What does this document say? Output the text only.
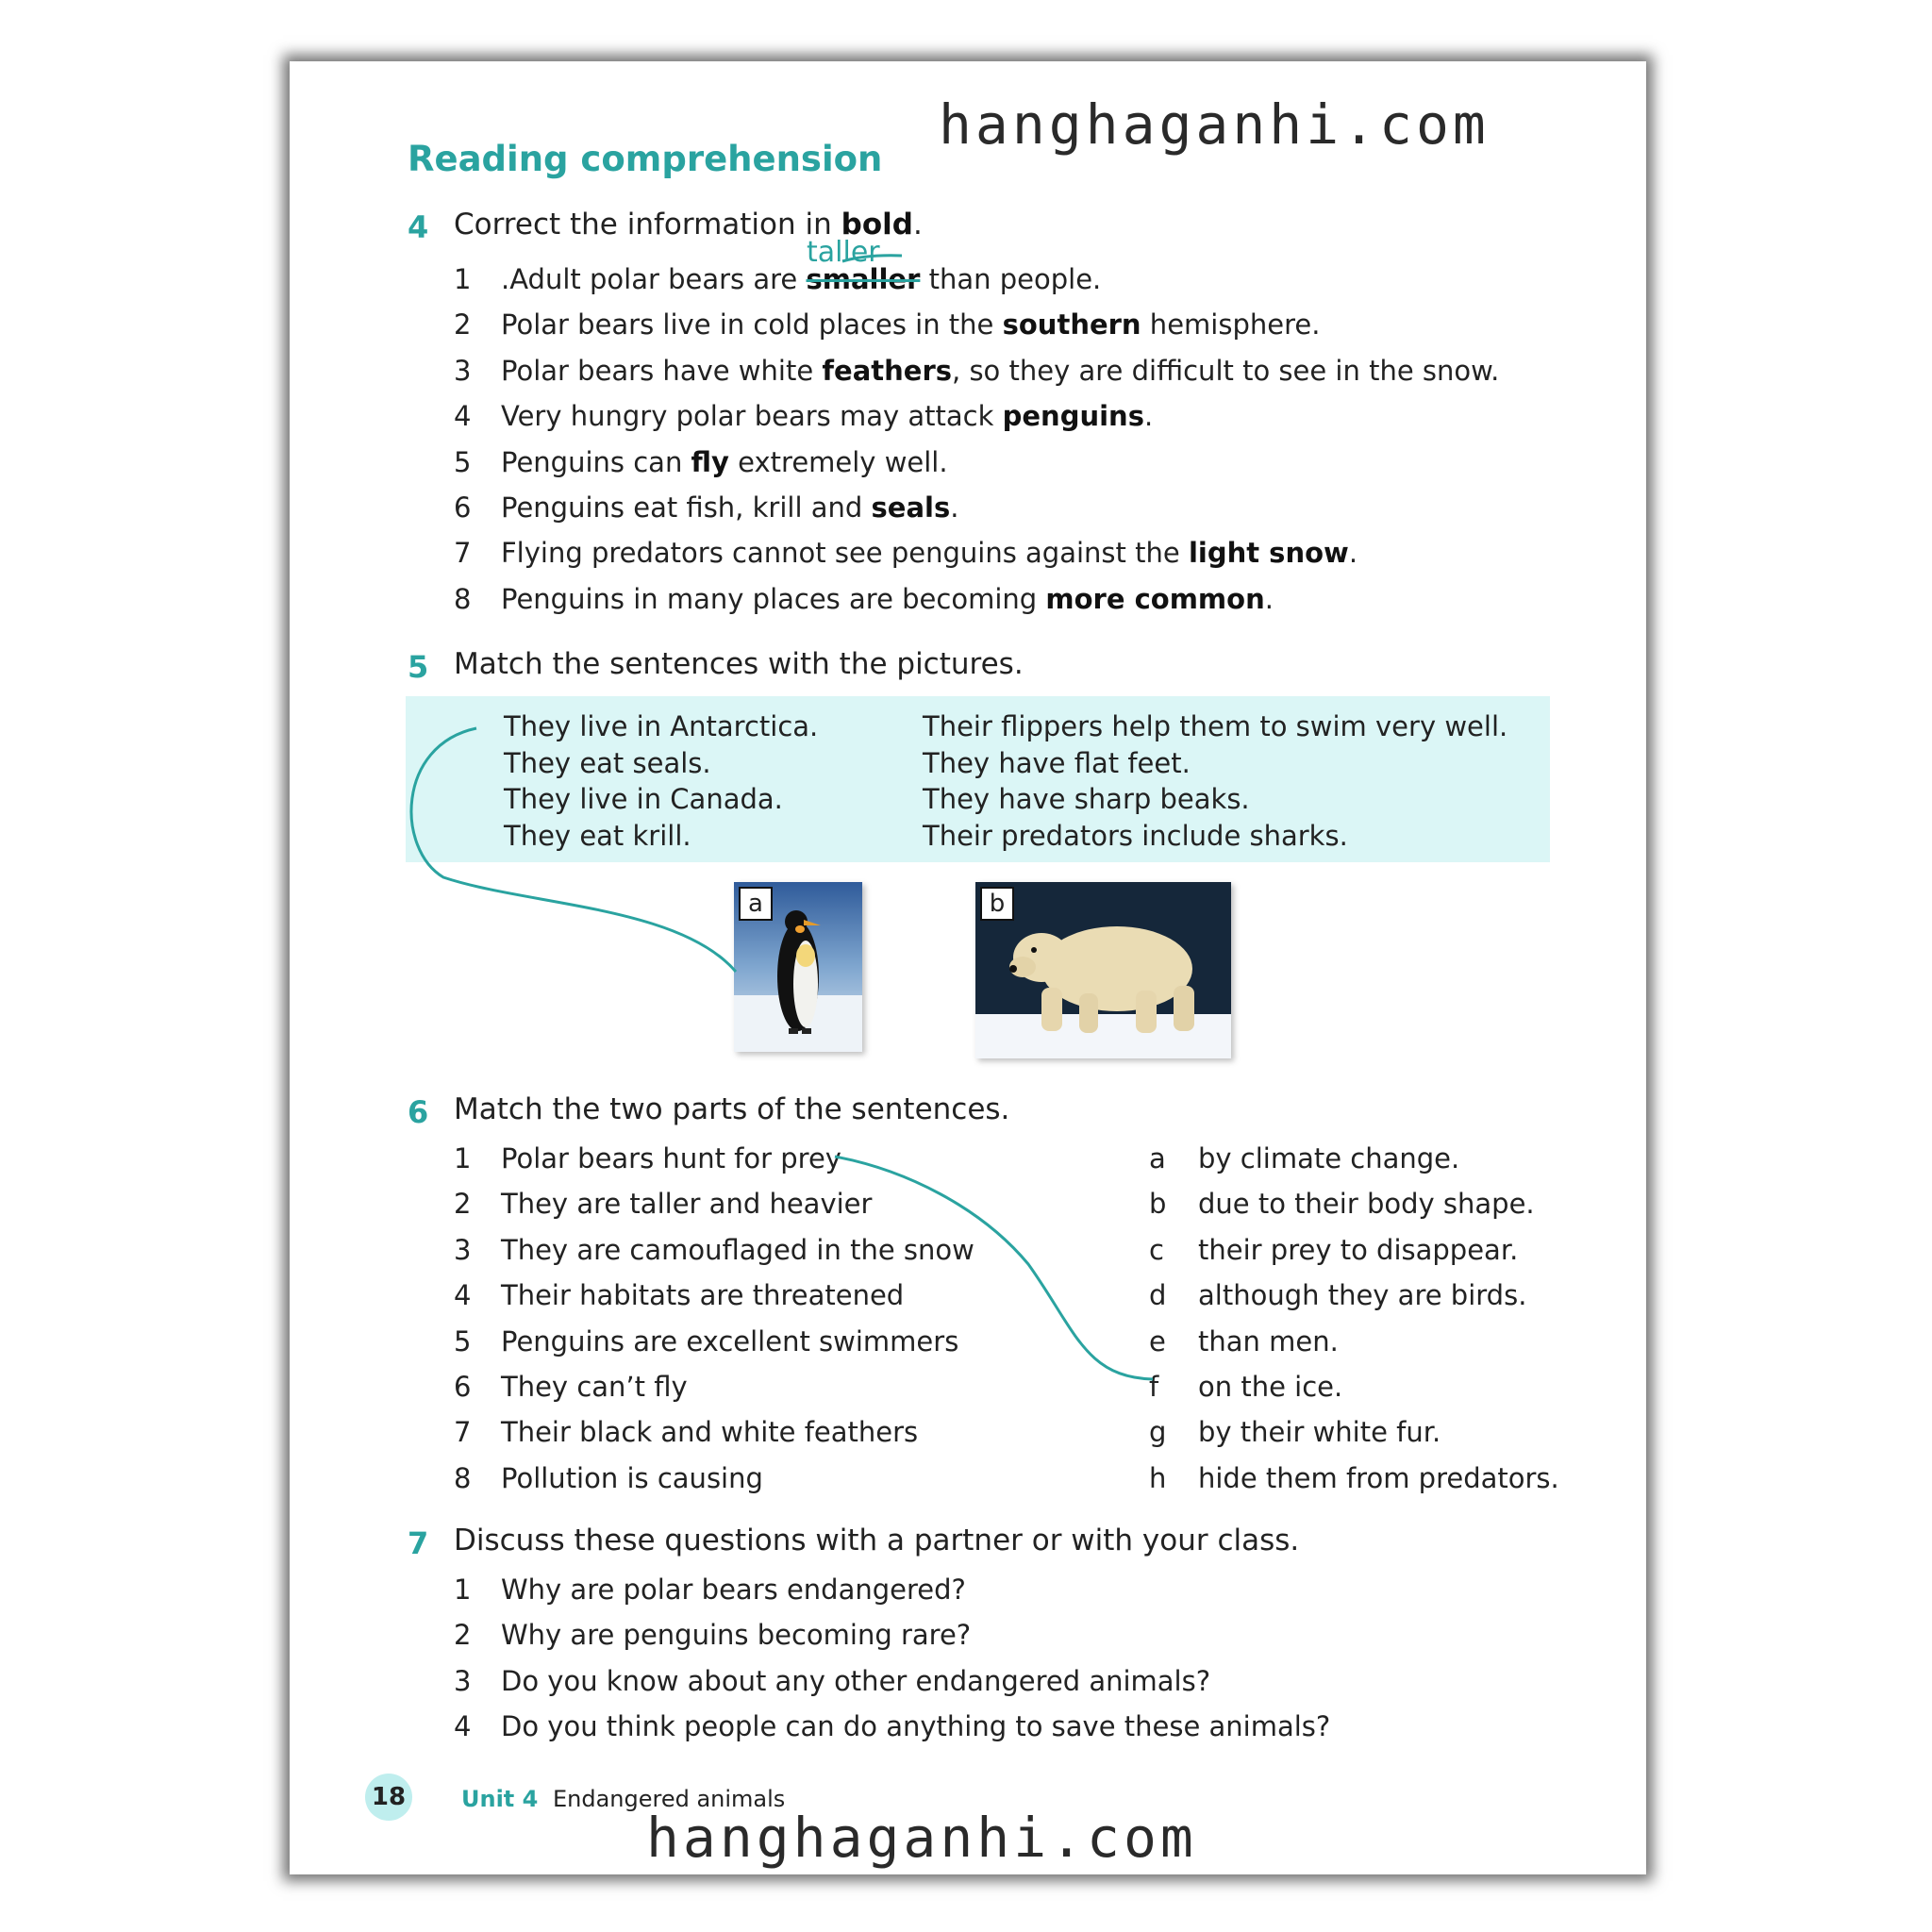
hanghaganhi.com
Reading comprehension
4 Correct the information in bold.
taller
1 .Adult polar bears are smaller than people.
2 Polar bears live in cold places in the southern hemisphere.
3 Polar bears have white feathers, so they are difficult to see in the snow.
4 Very hungry polar bears may attack penguins.
5 Penguins can fly extremely well.
6 Penguins eat fish, krill and seals.
7 Flying predators cannot see penguins against the light snow.
8 Penguins in many places are becoming more common.
5 Match the sentences with the pictures.
They live in Antarctica.
They eat seals.
They live in Canada.
They eat krill.
Their flippers help them to swim very well.
They have flat feet.
They have sharp beaks.
Their predators include sharks.
a	b
6 Match the two parts of the sentences.
1 Polar bears hunt for prey
2 They are taller and heavier
3 They are camouflaged in the snow
4 Their habitats are threatened
5 Penguins are excellent swimmers
6 They can’t fly
7 Their black and white feathers
8 Pollution is causing
a by climate change.
b due to their body shape.
c their prey to disappear.
d although they are birds.
e than men.
f on the ice.
g by their white fur.
h hide them from predators.
7 Discuss these questions with a partner or with your class.
1 Why are polar bears endangered?
2 Why are penguins becoming rare?
3 Do you know about any other endangered animals?
4 Do you think people can do anything to save these animals?
18 Unit 4 Endangered animals
hanghaganhi.com
